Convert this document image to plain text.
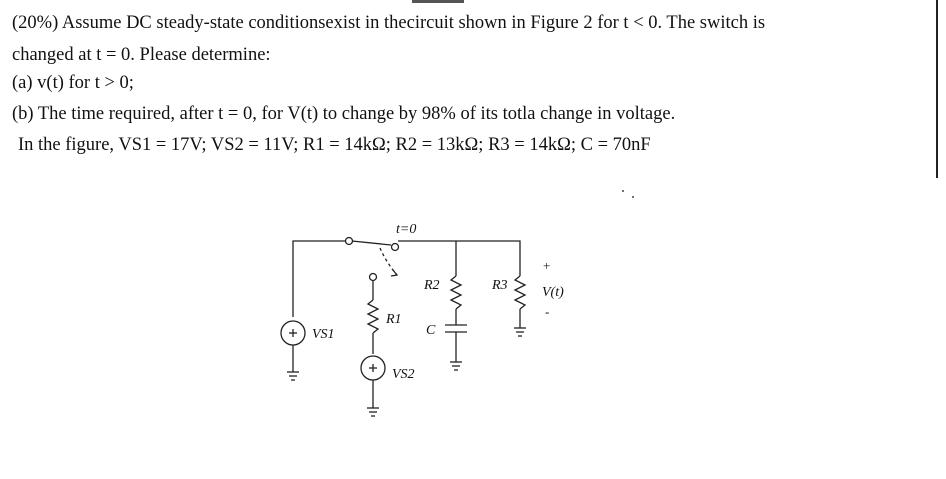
(20%) Assume DC steady-state conditionsexist in thecircuit shown in Figure 2 for t < 0. The switch is
changed at t = 0. Please determine:
(a) v(t) for t > 0;
(b) The time required, after t = 0, for V(t) to change by 98% of its totla change in voltage.
In the figure, VS1 = 17V; VS2 = 11V; R1 = 14kΩ; R2 = 13kΩ; R3 = 14kΩ; C = 70nF
t=0
VS1
VS2
R1
R2	R3
C
V(t)
+
-
